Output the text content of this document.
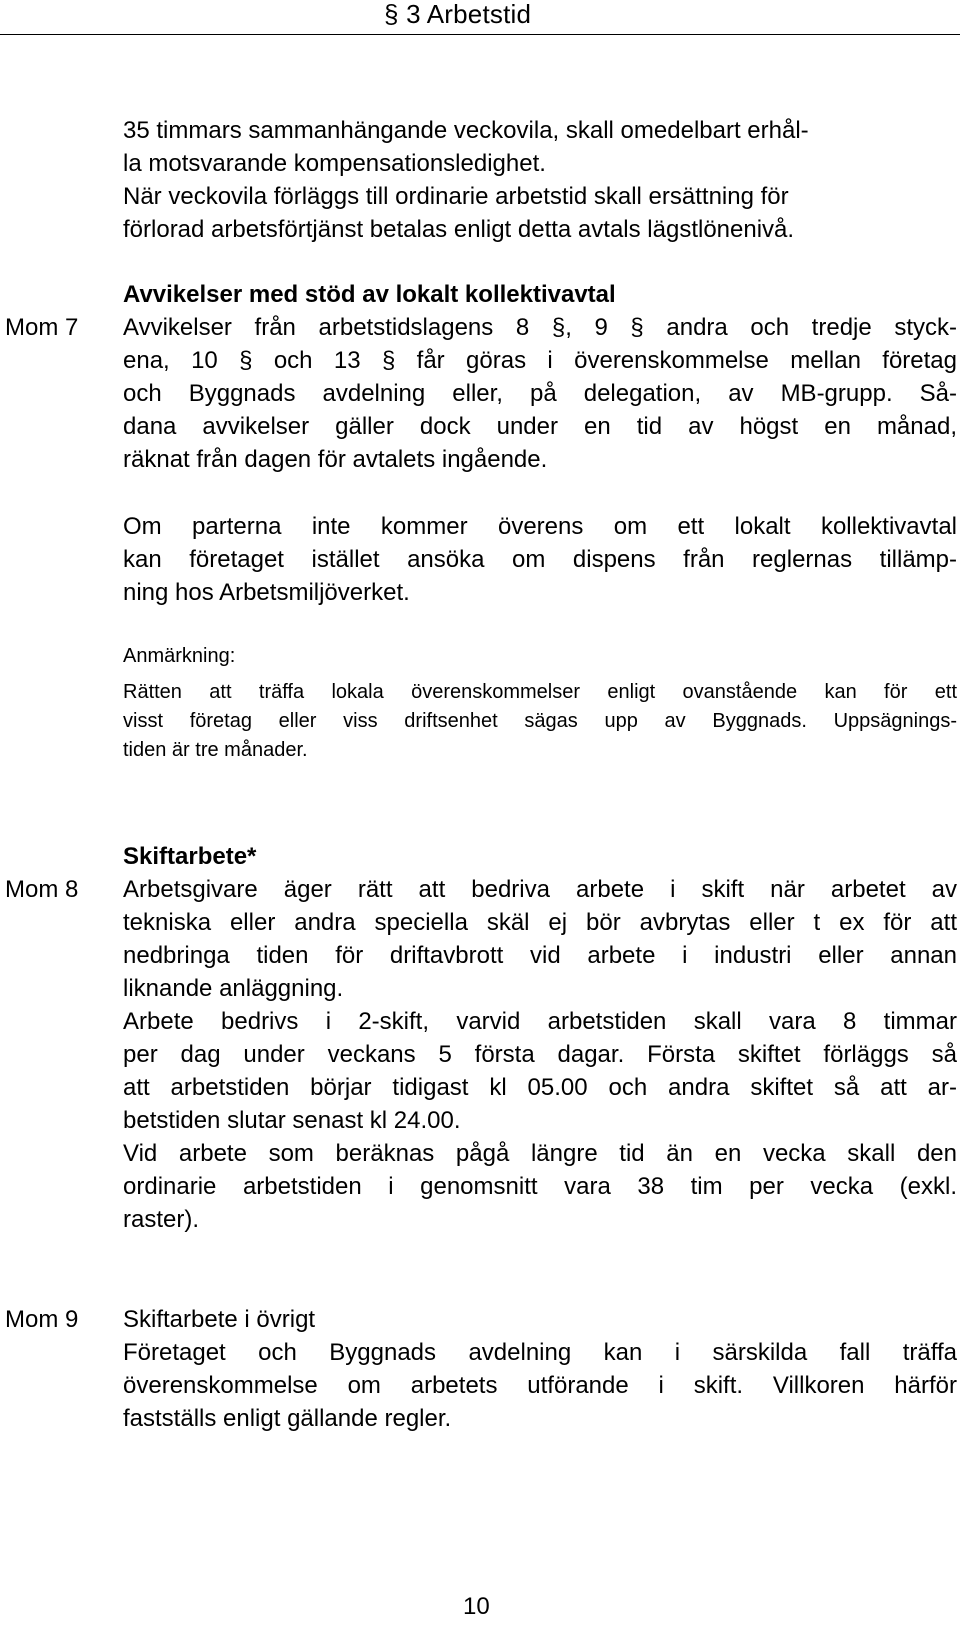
§ 3 Arbetstid
35 timmars sammanhängande veckovila, skall omedelbart erhål-
la motsvarande kompensationsledighet.
När veckovila förläggs till ordinarie arbetstid skall ersättning för
förlorad arbetsförtjänst betalas enligt detta avtals lägstlönenivå.
Avvikelser med stöd av lokalt kollektivavtal
Mom 7 Avvikelser från arbetstidslagens 8 §, 9 § andra och tredje styck-
ena, 10 § och 13 § får göras i överenskommelse mellan företag
och Byggnads avdelning eller, på delegation, av MB-grupp. Så-
dana avvikelser gäller dock under en tid av högst en månad,
räknat från dagen för avtalets ingående.
Om parterna inte kommer överens om ett lokalt kollektivavtal
kan företaget istället ansöka om dispens från reglernas tillämp-
ning hos Arbetsmiljöverket.
Anmärkning:
Rätten att träffa lokala överenskommelser enligt ovanstående kan för ett
visst företag eller viss driftsenhet sägas upp av Byggnads. Uppsägnings-
tiden är tre månader.
Skiftarbete*
Mom 8 Arbetsgivare äger rätt att bedriva arbete i skift när arbetet av
tekniska eller andra speciella skäl ej bör avbrytas eller t ex för att
nedbringa tiden för driftavbrott vid arbete i industri eller annan
liknande anläggning.
Arbete bedrivs i 2-skift, varvid arbetstiden skall vara 8 timmar
per dag under veckans 5 första dagar. Första skiftet förläggs så
att arbetstiden börjar tidigast kl 05.00 och andra skiftet så att ar-
betstiden slutar senast kl 24.00.
Vid arbete som beräknas pågå längre tid än en vecka skall den
ordinarie arbetstiden i genomsnitt vara 38 tim per vecka (exkl.
raster).
Mom 9 Skiftarbete i övrigt
Företaget och Byggnads avdelning kan i särskilda fall träffa
överenskommelse om arbetets utförande i skift. Villkoren härför
fastställs enligt gällande regler.
10
